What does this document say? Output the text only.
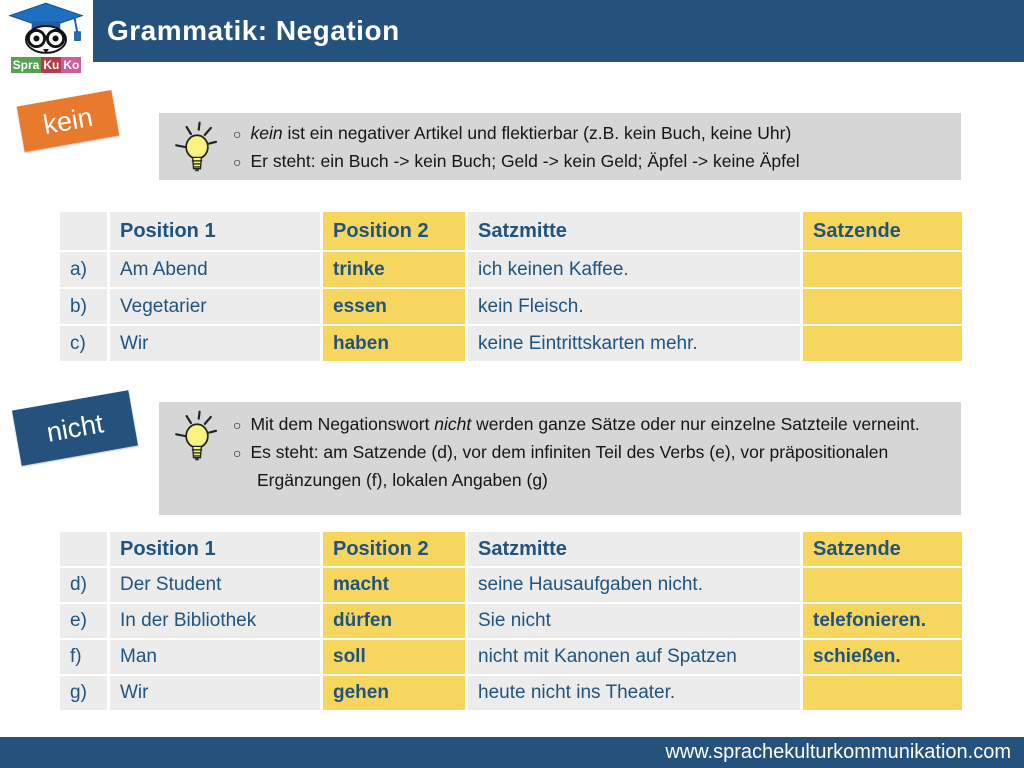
Grammatik: Negation
Spra Ku Ko
kein	○ kein ist ein negativer Artikel und flektierbar (z.B. kein Buch, keine Uhr)
○ Er steht: ein Buch -> kein Buch; Geld -> kein Geld; Äpfel -> keine Äpfel
	Position 1	Position 2	Satzmitte	Satzende
a)	Am Abend	trinke	ich keinen Kaffee.	
b)	Vegetarier	essen	kein Fleisch.	
c)	Wir	haben	keine Eintrittskarten mehr.	
nicht	○ Mit dem Negationswort nicht werden ganze Sätze oder nur einzelne Satzteile verneint.
○ Es steht: am Satzende (d), vor dem infiniten Teil des Verbs (e), vor präpositionalen Ergänzungen (f), lokalen Angaben (g)
	Position 1	Position 2	Satzmitte	Satzende
d)	Der Student	macht	seine Hausaufgaben nicht.	
e)	In der Bibliothek	dürfen	Sie nicht	telefonieren.
f)	Man	soll	nicht mit Kanonen auf Spatzen	schießen.
g)	Wir	gehen	heute nicht ins Theater.	
www.sprachekulturkommunikation.com
